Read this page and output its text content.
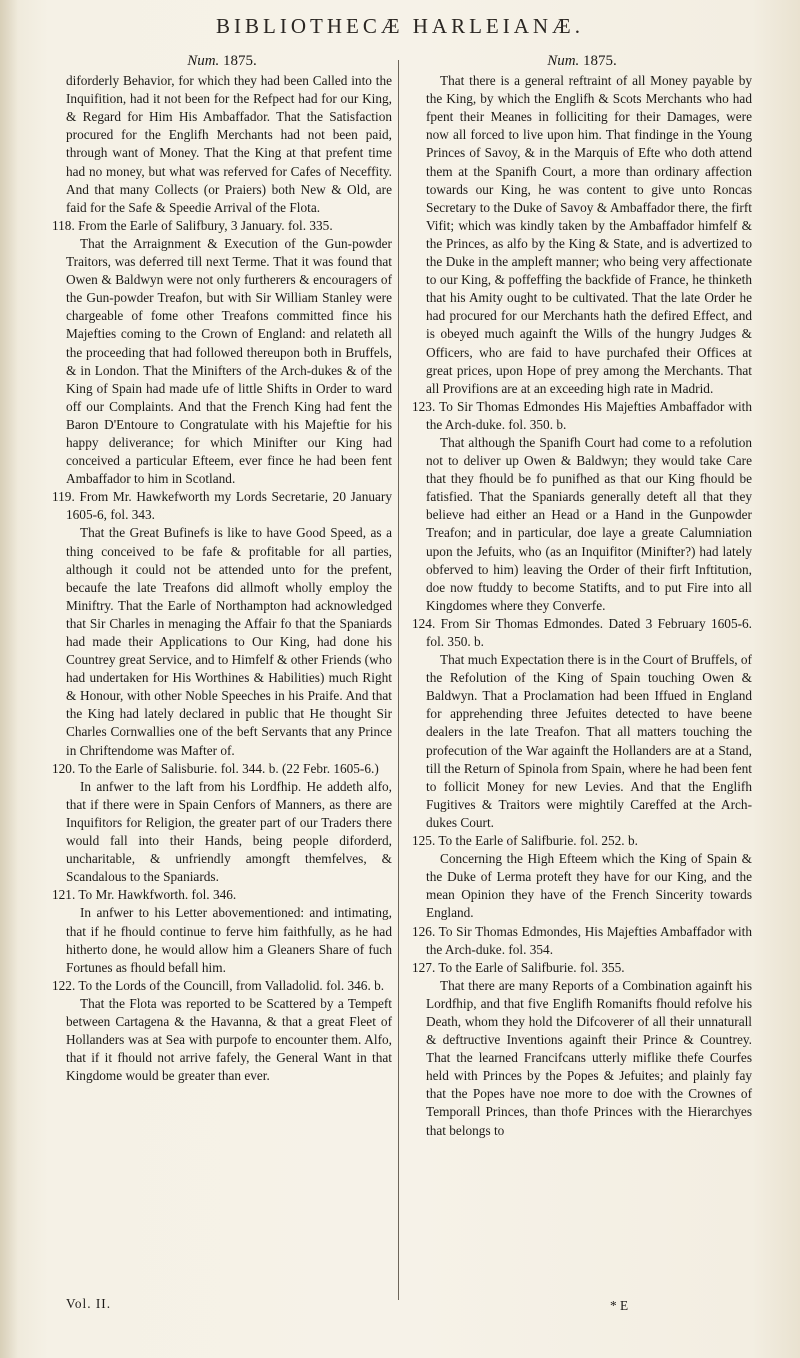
BIBLIOTHECÆ HARLEIANÆ.
Num. 1875.

diforderly Behavior, for which they had been Called into the Inquifition, had it not been for the Refpect had for our King, & Regard for Him His Ambaffador. That the Satisfaction procured for the Englifh Merchants had not been paid, through want of Money. That the King at that prefent time had no money, but what was referved for Cafes of Neceffity. And that many Collects (or Praiers) both New & Old, are faid for the Safe & Speedie Arrival of the Flota.

118. From the Earle of Salifbury, 3 January. fol. 335.

That the Arraignment & Execution of the Gun-powder Traitors, was deferred till next Terme. That it was found that Owen & Baldwyn were not only furtherers & encouragers of the Gun-powder Treafon, but with Sir William Stanley were chargeable of fome other Treafons committed fince his Majefties coming to the Crown of England: and relateth all the proceeding that had followed thereupon both in Bruffels, & in London. That the Minifters of the Arch-dukes & of the King of Spain had made ufe of little Shifts in Order to ward off our Complaints. And that the French King had fent the Baron D'Entoure to Congratulate with his Majeftie for his happy deliverance; for which Minifter our King had conceived a particular Efteem, ever fince he had been fent Ambaffador to him in Scotland.

119. From Mr. Hawkefworth my Lords Secretarie, 20 January 1605-6, fol. 343.

That the Great Bufinefs is like to have Good Speed, as a thing conceived to be fafe & profitable for all parties, although it could not be attended unto for the prefent, becaufe the late Treafons did allmoft wholly employ the Miniftry. That the Earle of Northampton had acknowledged that Sir Charles in menaging the Affair fo that the Spaniards had made their Applications to Our King, had done his Countrey great Service, and to Himfelf & other Friends (who had undertaken for His Worthines & Habilities) much Right & Honour, with other Noble Speeches in his Praife. And that the King had lately declared in public that He thought Sir Charles Cornwallies one of the beft Servants that any Prince in Chriftendome was Mafter of.

120. To the Earle of Salisburie. fol. 344. b. (22 Febr. 1605-6.)

In anfwer to the laft from his Lordfhip. He addeth alfo, that if there were in Spain Cenfors of Manners, as there are Inquifitors for Religion, the greater part of our Traders there would fall into their Hands, being people diforderd, uncharitable, & unfriendly amongft themfelves, & Scandalous to the Spaniards.

121. To Mr. Hawkfworth. fol. 346.

In anfwer to his Letter abovementioned: and intimating, that if he fhould continue to ferve him faithfully, as he had hitherto done, he would allow him a Gleaners Share of fuch Fortunes as fhould befall him.

122. To the Lords of the Councill, from Valladolid. fol. 346. b.

That the Flota was reported to be Scattered by a Tempeft between Cartagena & the Havanna, & that a great Fleet of Hollanders was at Sea with purpofe to encounter them. Alfo, that if it fhould not arrive fafely, the General Want in that Kingdome would be greater than ever.

Num. 1875.

That there is a general reftraint of all Money payable by the King, by which the Englifh & Scots Merchants who had fpent their Meanes in folliciting for their Damages, were now all forced to live upon him. That findinge in the Young Princes of Savoy, & in the Marquis of Efte who doth attend them at the Spanifh Court, a more than ordinary affection towards our King, he was content to give unto Roncas Secretary to the Duke of Savoy & Ambaffador there, the firft Vifit; which was kindly taken by the Ambaffador himfelf & the Princes, as alfo by the King & State, and is advertized to the Duke in the ampleft manner; who being very affectionate to our King, & poffeffing the backfide of France, he thinketh that his Amity ought to be cultivated. That the late Order he had procured for our Merchants hath the defired Effect, and is obeyed much againft the Wills of the hungry Judges & Officers, who are faid to have purchafed their Offices at great prices, upon Hope of prey among the Merchants. That all Provifions are at an exceeding high rate in Madrid.

123. To Sir Thomas Edmondes His Majefties Ambaffador with the Arch-duke. fol. 350. b.

That although the Spanifh Court had come to a refolution not to deliver up Owen & Baldwyn; they would take Care that they fhould be fo punifhed as that our King fhould be fatisfied. That the Spaniards generally deteft all that they believe had either an Head or a Hand in the Gunpowder Treafon; and in particular, doe laye a greate Calumniation upon the Jefuits, who (as an Inquifitor (Minifter?) had lately obferved to him) leaving the Order of their firft Inftitution, doe now ftuddy to become Statifts, and to put Fire into all Kingdomes where they Converfe.

124. From Sir Thomas Edmondes. Dated 3 February 1605-6. fol. 350. b.

That much Expectation there is in the Court of Bruffels, of the Refolution of the King of Spain touching Owen & Baldwyn. That a Proclamation had been Iffued in England for apprehending three Jefuites detected to have beene dealers in the late Treafon. That all matters touching the profecution of the War againft the Hollanders are at a Stand, till the Return of Spinola from Spain, where he had been fent to follicit Money for new Levies. And that the Englifh Fugitives & Traitors were mightily Careffed at the Arch-dukes Court.

125. To the Earle of Salifburie. fol. 252. b.

Concerning the High Efteem which the King of Spain & the Duke of Lerma proteft they have for our King, and the mean Opinion they have of the French Sincerity towards England.

126. To Sir Thomas Edmondes, His Majefties Ambaffador with the Arch-duke. fol. 354.

127. To the Earle of Salifburie. fol. 355.

That there are many Reports of a Combination againft his Lordfhip, and that five Englifh Romanifts fhould refolve his Death, whom they hold the Difcoverer of all their unnaturall & deftructive Inventions againft their Prince & Countrey. That the learned Francifcans utterly miflike thefe Courfes held with Princes by the Popes & Jefuites; and plainly fay that the Popes have noe more to doe with the Crownes of Temporall Princes, than thofe Princes with the Hierarchyes that belongs to

Vol. II.	* E
